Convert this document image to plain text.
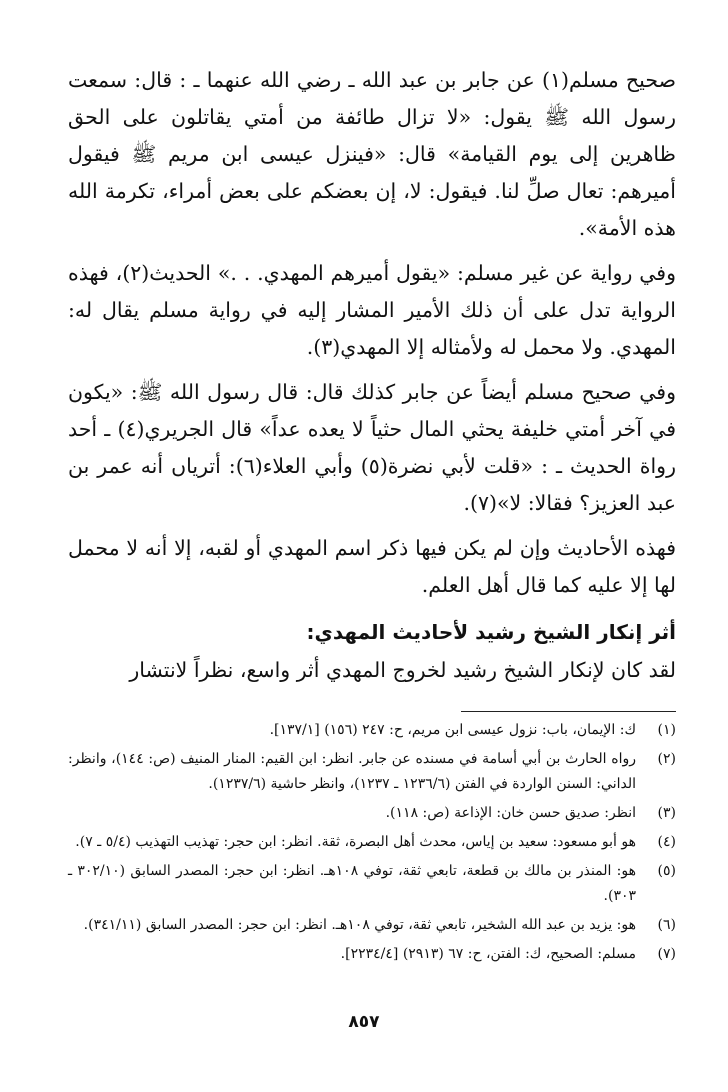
صحيح مسلم(١) عن جابر بن عبد الله ـ رضي الله عنهما ـ : قال: سمعت رسول الله ﷺ يقول: «لا تزال طائفة من أمتي يقاتلون على الحق ظاهرين إلى يوم القيامة» قال: «فينزل عيسى ابن مريم ﷺ فيقول أميرهم: تعال صلِّ لنا. فيقول: لا، إن بعضكم على بعض أمراء، تكرمة الله هذه الأمة».

وفي رواية عن غير مسلم: «يقول أميرهم المهدي. . .» الحديث(٢)، فهذه الرواية تدل على أن ذلك الأمير المشار إليه في رواية مسلم يقال له: المهدي. ولا محمل له ولأمثاله إلا المهدي(٣).

وفي صحيح مسلم أيضاً عن جابر كذلك قال: قال رسول الله ﷺ: «يكون في آخر أمتي خليفة يحثي المال حثياً لا يعده عداً» قال الجريري(٤) ـ أحد رواة الحديث ـ : «قلت لأبي نضرة(٥) وأبي العلاء(٦): أترياں أنه عمر بن عبد العزيز؟ فقالا: لا»(٧).

فهذه الأحاديث وإن لم يكن فيها ذكر اسم المهدي أو لقبه، إلا أنه لا محمل لها إلا عليه كما قال أهل العلم.

أثر إنكار الشيخ رشيد لأحاديث المهدي:

لقد كان لإنكار الشيخ رشيد لخروج المهدي أثر واسع، نظراً لانتشار

(١)
ك: الإيمان، باب: نزول عيسى ابن مريم، ح: ٢٤٧ (١٥٦) [١٣٧/١].
(٢)
رواه الحارث بن أبي أسامة في مسنده عن جابر. انظر: ابن القيم: المنار المنيف (ص: ١٤٤)، وانظر: الداني: السنن الواردة في الفتن (١٢٣٦/٦ ـ ١٢٣٧)، وانظر حاشية (١٢٣٧/٦).
(٣)
انظر: صديق حسن خان: الإذاعة (ص: ١١٨).
(٤)
هو أبو مسعود: سعيد بن إياس، محدث أهل البصرة، ثقة. انظر: ابن حجر: تهذيب التهذيب (٥/٤ ـ ٧).
(٥)
هو: المنذر بن مالك بن قطعة، تابعي ثقة، توفي ١٠٨هـ. انظر: ابن حجر: المصدر السابق (٣٠٢/١٠ ـ ٣٠٣).
(٦)
هو: يزيد بن عبد الله الشخير، تابعي ثقة، توفي ١٠٨هـ. انظر: ابن حجر: المصدر السابق (٣٤١/١١).
(٧)
مسلم: الصحيح، ك: الفتن، ح: ٦٧ (٢٩١٣) [٢٢٣٤/٤].
٨٥٧
